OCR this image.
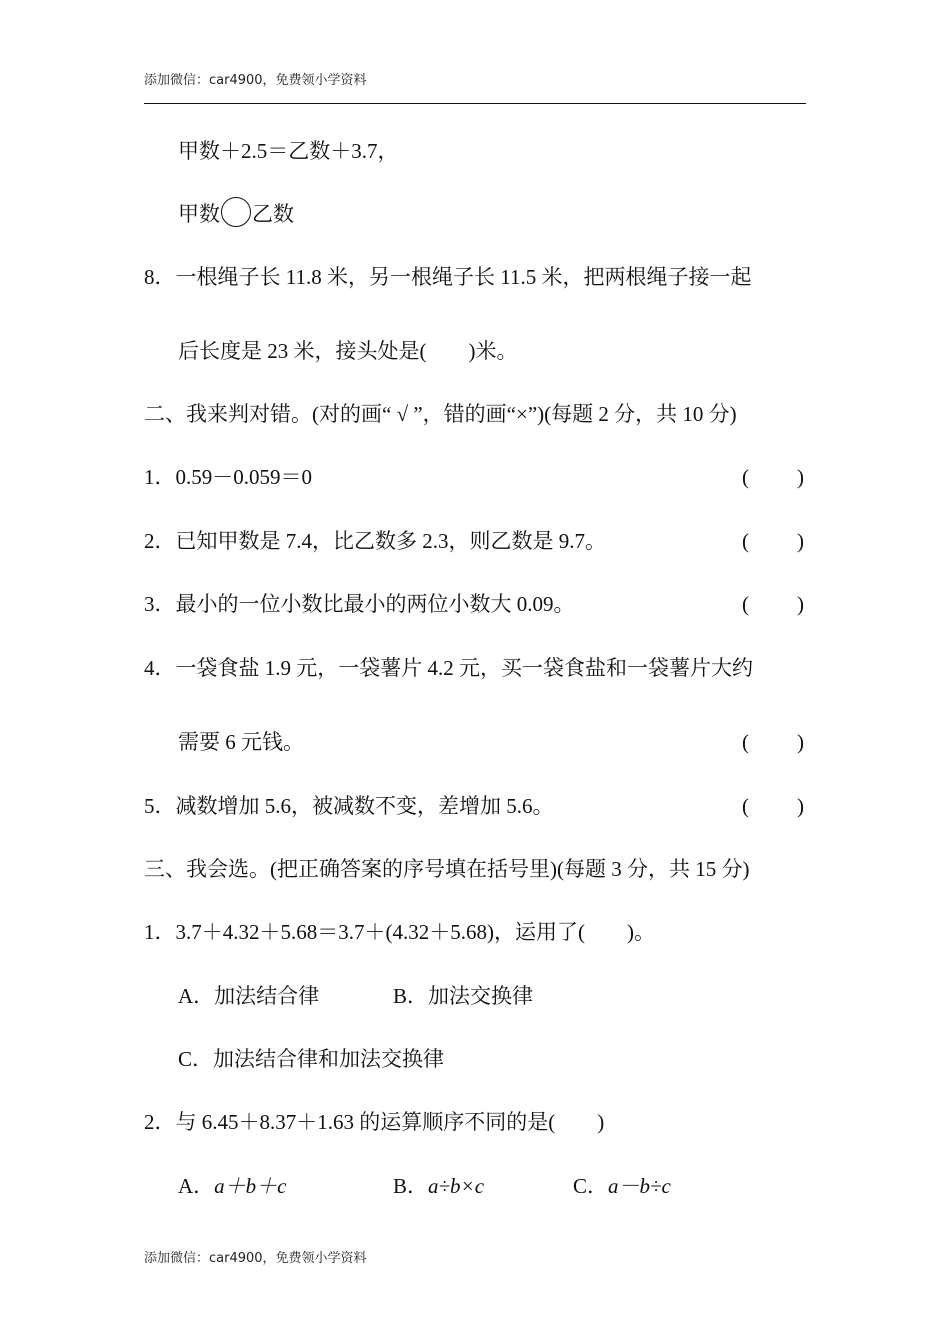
添加微信：car4900，免费领小学资料
甲数＋2.5＝乙数＋3.7，
甲数 乙数
8．一根绳子长 11.8 米，另一根绳子长 11.5 米，把两根绳子接一起
后长度是 23 米，接头处是(　　)米。
二、我来判对错。(对的画“ √ ”，错的画“×”)(每题 2 分，共 10 分)
1．0.59－0.059＝0	( )
2．已知甲数是 7.4，比乙数多 2.3，则乙数是 9.7。	( )
3．最小的一位小数比最小的两位小数大 0.09。	( )
4．一袋食盐 1.9 元，一袋薯片 4.2 元，买一袋食盐和一袋薯片大约
需要 6 元钱。	( )
5．减数增加 5.6，被减数不变，差增加 5.6。	( )
三、我会选。(把正确答案的序号填在括号里)(每题 3 分，共 15 分)
1．3.7＋4.32＋5.68＝3.7＋(4.32＋5.68)，运用了(　　)。
A．加法结合律	B．加法交换律
C．加法结合律和加法交换律
2．与 6.45＋8.37＋1.63 的运算顺序不同的是(　　)
A．a＋b＋c	B．a÷b×c	C．a－b÷c
添加微信：car4900，免费领小学资料
